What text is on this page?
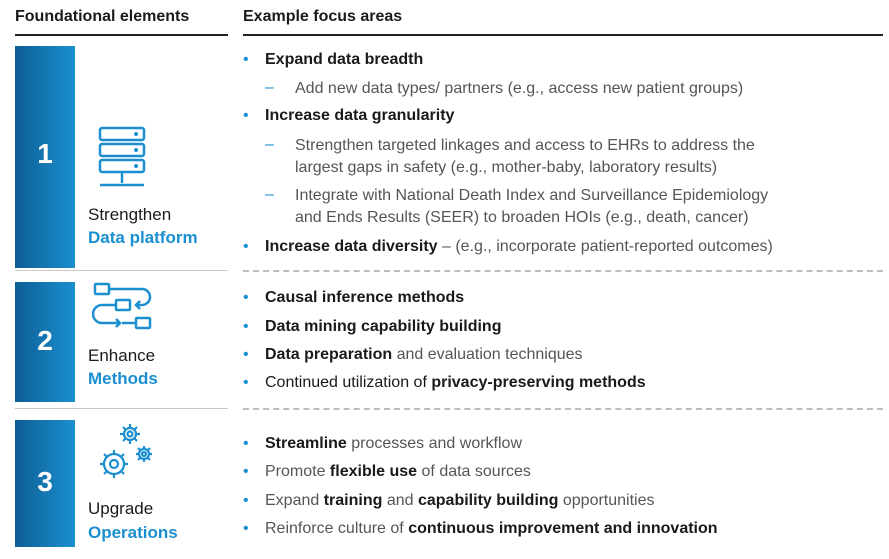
Foundational elements	Example focus areas
1
Strengthen
Data platform
• Expand data breadth
– Add new data types/ partners (e.g., access new patient groups)
• Increase data granularity
– Strengthen targeted linkages and access to EHRs to address the
largest gaps in safety (e.g., mother-baby, laboratory results)
– Integrate with National Death Index and Surveillance Epidemiology
and Ends Results (SEER) to broaden HOIs (e.g., death, cancer)
• Increase data diversity – (e.g., incorporate patient-reported outcomes)
2	Enhance
Methods
• Causal inference methods
• Data mining capability building
• Data preparation and evaluation techniques
• Continued utilization of privacy-preserving methods
3
Upgrade
Operations
• Streamline processes and workflow
• Promote flexible use of data sources
• Expand training and capability building opportunities
• Reinforce culture of continuous improvement and innovation
